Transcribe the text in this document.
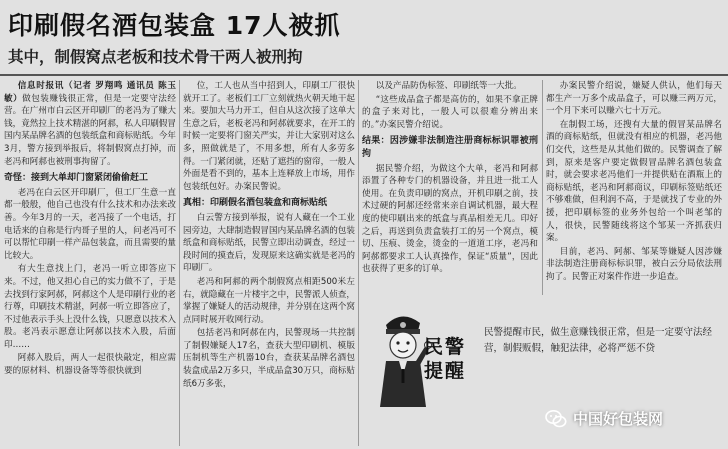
印刷假名酒包装盒 17人被抓
其中，制假窝点老板和技术骨干两人被刑拘

信息时报讯（记者 罗翔鸣 通讯员 陈玉敏）做包装赚钱很正常，但是一定要守法经营。在广州市白云区开印刷厂的老冯为了赚大钱，竟然拉上技术精湛的阿郝，私人印刷假冒国内某品牌名酒的包装纸盒和商标贴纸。今年3月，警方接到举报后，将制假窝点打掉，而老冯和阿郝也被刑事拘留了。

奇怪：接到大单却门窗紧闭偷偷赶工

老冯在白云区开印刷厂，但工厂生意一直都一般般，他自己也没有什么技术和办法来改善。今年3月的一天，老冯接了一个电话，打电话来的自称是行内哥子里的人，问老冯可不可以帮忙印刷一样产品包装盒，而且需要的量比较大。

有大生意找上门，老冯一听立即答应下来。不过，他又担心自己的实力做不了，于是去找到行家阿郝，阿郝这个人是印刷行业的老行尊，印刷技术精湛，阿郝一听立即答应了，不过他表示手头上没什么钱，只愿意以技术入股。老冯表示愿意让阿郝以技术入股，后面印……

阿郝入股后，两人一起很快敲定，相应需要的原材料、机器设备等等很快就到

位，工人也从当中招到人，印刷工厂很快就开工了。老板们工厂立刻就热火朝天地干起来。要加大马力开工，但自从这次接了这单大生意之后，老板老冯和阿郝就要求，在开工的时候一定要将门窗关严实，并让大家别对这么多，照做就是了，不用多想，所有人多劳多得。一门紧闭就，还贴了遮挡的窗帘，一般人外面是看不到的，基本上连释放上市场，用作包装纸包好。办案民警说。

真相：印刷假名酒包装盒和商标贴纸

白云警方接到举报，说有人藏在一个工业园旁边，大肆制造假冒国内某品牌名酒的包装纸盒和商标贴纸，民警立即出动调查，经过一段时间的摸查后，发现原来这确实就是老冯的印刷厂。

老冯和阿郝的两个制假窝点相距500米左右，就隐藏在一片楼宇之中，民警派人侦查，掌握了嫌疑人的活动规律，并分别在这两个窝点同时展开收网行动。

包括老冯和阿郝在内，民警现场一共控制了制假嫌疑人17名，查获大型印刷机、模版压制机等生产机器10台，查获某品牌名酒包装盒成品2万多只，半成品盒30万只，商标贴纸6万多张，

以及产品防伪标签、印刷纸等一大批。

“这些成品盒子都是高仿的，如果不拿正牌的盒子来对比，一般人可以很难分辨出来的。”办案民警介绍说。

结果：因涉嫌非法制造注册商标标识罪被刑拘

据民警介绍，为做这个大单，老冯和阿郝添置了各种专门的机器设备，并且进一批工人使用。在负责印刷的窝点，开机印刷之前，技术过硬的阿郝还经常来亲自调试机器，最大程度的使印刷出来的纸盒与真品相差无几。印好之后，再送到负责盒装打工的另一个窝点，模切、压痕、烫金，烫金的一道道工序，老冯和阿郝都要求工人认真操作，保证“质量”，因此也获得了更多的订单。

办案民警介绍说，嫌疑人供认，他们每天都生产一万多个成品盒子，可以赚三两万元，一个月下来可以赚六七十万元。

在制假工场，还搜有大量的假冒某品牌名酒的商标贴纸，但就没有相应的机器，老冯他们交代，这些是从其他们做的。民警调查了解到，原来是客户要定做假冒品牌名酒包装盒时，就会要求老冯他们一并提供贴在酒瓶上的商标贴纸，老冯和阿郝商议，印刷标签贴纸还不够难做，但利润不高，于是就找了专业的外援，把印刷标签的业务外包给一个叫老邹的人，很快，民警随线将这个邹某一齐抓获归案。

目前，老冯、阿郝、邹某等嫌疑人因涉嫌非法制造注册商标标识罪，被白云分局依法刑拘了。民警正对案件作进一步追查。

民警
提醒
民警提醒市民，做生意赚钱很正常，但是一定要守法经营，制假贩假，触犯法律，必将严惩不贷
中国好包装网
